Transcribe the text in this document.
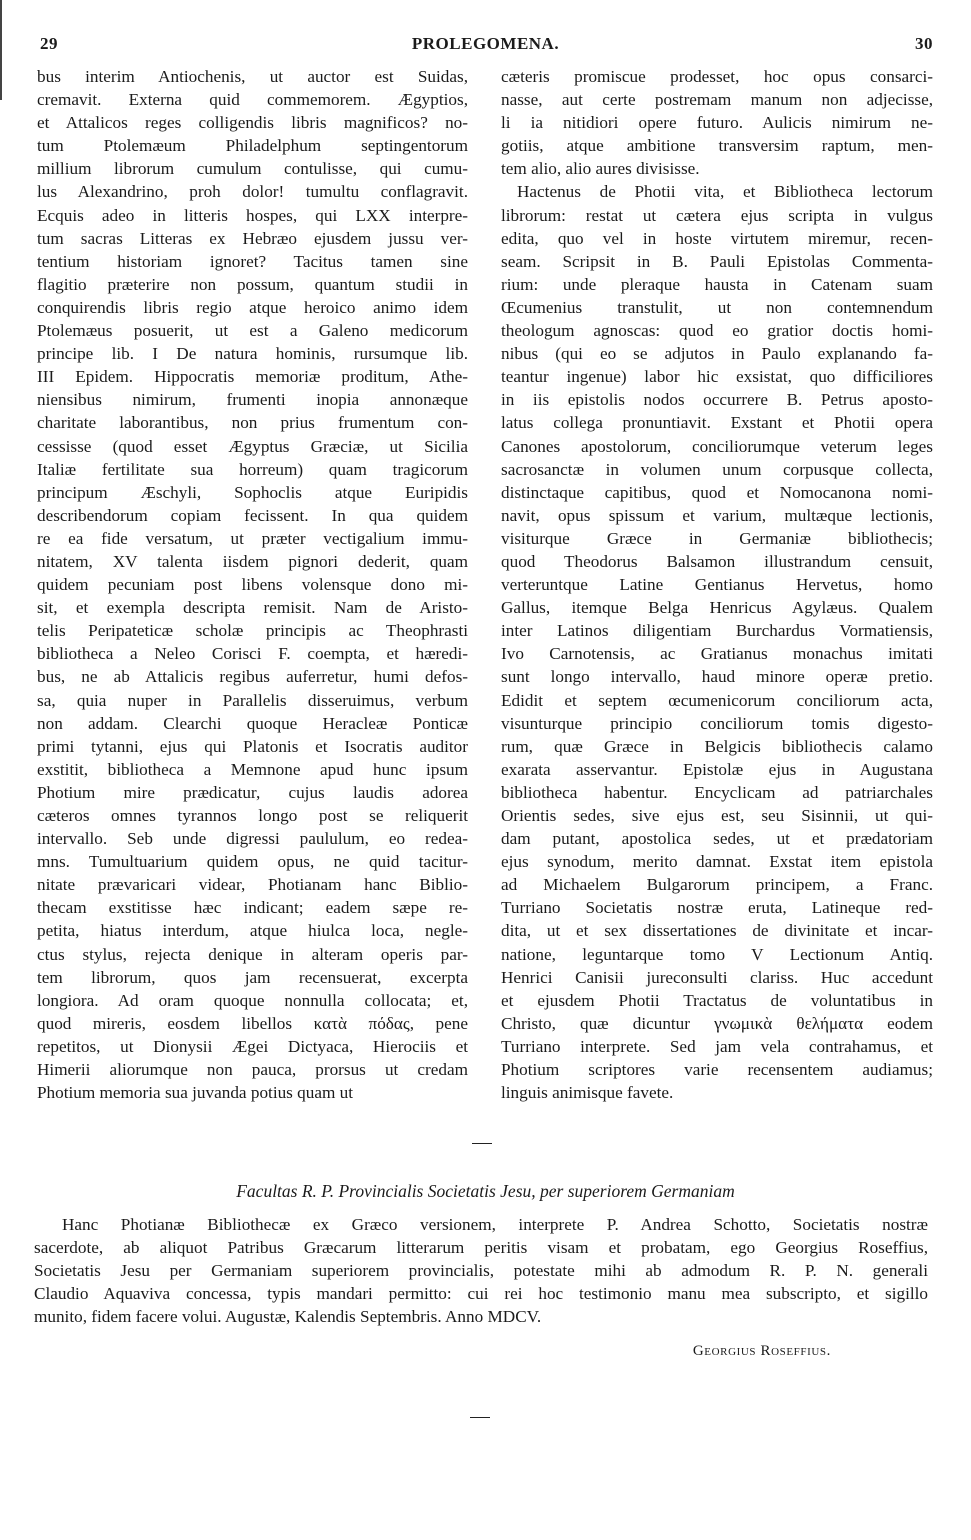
29	PROLEGOMENA.	30
bus interim Antiochenis, ut auctor est Suidas,
cremavit. Externa quid commemorem. Ægyptios,
et Attalicos reges colligendis libris magnificos? no-
tum Ptolemæum Philadelphum septingentorum
millium librorum cumulum contulisse, qui cumu-
lus Alexandrino, proh dolor! tumultu conflagravit.
Ecquis adeo in litteris hospes, qui LXX interpre-
tum sacras Litteras ex Hebræo ejusdem jussu ver-
tentium historiam ignoret? Tacitus tamen sine
flagitio præterire non possum, quantum studii in
conquirendis libris regio atque heroico animo idem
Ptolemæus posuerit, ut est a Galeno medicorum
principe lib. I De natura hominis, rursumque lib.
III Epidem. Hippocratis memoriæ proditum, Athe-
niensibus nimirum, frumenti inopia annonæque
charitate laborantibus, non prius frumentum con-
cessisse (quod esset Ægyptus Græciæ, ut Sicilia
Italiæ fertilitate sua horreum) quam tragicorum
principum Æschyli, Sophoclis atque Euripidis
describendorum copiam fecissent. In qua quidem
re ea fide versatum, ut præter vectigalium immu-
nitatem, XV talenta iisdem pignori dederit, quam
quidem pecuniam post libens volensque dono mi-
sit, et exempla descripta remisit. Nam de Aristo-
telis Peripateticæ scholæ principis ac Theophrasti
bibliotheca a Neleo Corisci F. coempta, et hæredi-
bus, ne ab Attalicis regibus auferretur, humi defos-
sa, quia nuper in Parallelis disseruimus, verbum
non addam. Clearchi quoque Heracleæ Ponticæ
primi tytanni, ejus qui Platonis et Isocratis auditor
exstitit, bibliotheca a Memnone apud hunc ipsum
Photium mire prædicatur, cujus laudis adorea
cæteros omnes tyrannos longo post se reliquerit
intervallo. Seb unde digressi paululum, eo redea-
mns. Tumultuarium quidem opus, ne quid tacitur-
nitate prævaricari videar, Photianam hanc Biblio-
thecam exstitisse hæc indicant; eadem sæpe re-
petita, hiatus interdum, atque hiulca loca, negle-
ctus stylus, rejecta denique in alteram operis par-
tem librorum, quos jam recensuerat, excerpta
longiora. Ad oram quoque nonnulla collocata; et,
quod mireris, eosdem libellos κατὰ πόδας, pene
repetitos, ut Dionysii Ægei Dictyaca, Hierociis et
Himerii aliorumque non pauca, prorsus ut credam
Photium memoria sua juvanda potius quam ut
cæteris promiscue prodesset, hoc opus consarci-
nasse, aut certe postremam manum non adjecisse,
li ia nitidiori opere futuro. Aulicis nimirum ne-
gotiis, atque ambitione transversim raptum, men-
tem alio, alio aures divisisse.
Hactenus de Photii vita, et Bibliotheca lectorum
librorum: restat ut cætera ejus scripta in vulgus
edita, quo vel in hoste virtutem miremur, recen-
seam. Scripsit in B. Pauli Epistolas Commenta-
rium: unde pleraque hausta in Catenam suam
Œcumenius transtulit, ut non contemnendum
theologum agnoscas: quod eo gratior doctis homi-
nibus (qui eo se adjutos in Paulo explanando fa-
teantur ingenue) labor hic exsistat, quo difficiliores
in iis epistolis nodos occurrere B. Petrus aposto-
latus collega pronuntiavit. Exstant et Photii opera
Canones apostolorum, conciliorumque veterum leges
sacrosanctæ in volumen unum corpusque collecta,
distinctaque capitibus, quod et Nomocanona nomi-
navit, opus spissum et varium, multæque lectionis,
visiturque Græce in Germaniæ bibliothecis;
quod Theodorus Balsamon illustrandum censuit,
verteruntque Latine Gentianus Hervetus, homo
Gallus, itemque Belga Henricus Agylæus. Qualem
inter Latinos diligentiam Burchardus Vormatiensis,
Ivo Carnotensis, ac Gratianus monachus imitati
sunt longo intervallo, haud minore operæ pretio.
Edidit et septem œcumenicorum conciliorum acta,
visunturque principio conciliorum tomis digesto-
rum, quæ Græce in Belgicis bibliothecis calamo
exarata asservantur. Epistolæ ejus in Augustana
bibliotheca habentur. Encyclicam ad patriarchales
Orientis sedes, sive ejus est, seu Sisinnii, ut qui-
dam putant, apostolica sedes, ut et prædatoriam
ejus synodum, merito damnat. Exstat item epistola
ad Michaelem Bulgarorum principem, a Franc.
Turriano Societatis nostræ eruta, Latineque red-
dita, ut et sex dissertationes de divinitate et incar-
natione, leguntarque tomo V Lectionum Antiq.
Henrici Canisii jureconsulti clariss. Huc accedunt
et ejusdem Photii Tractatus de voluntatibus in
Christo, quæ dicuntur γνωμικὰ θελήματα eodem
Turriano interprete. Sed jam vela contrahamus, et
Photium scriptores varie recensentem audiamus;
linguis animisque favete.
Facultas R. P. Provincialis Societatis Jesu, per superiorem Germaniam
Hanc Photianæ Bibliothecæ ex Græco versionem, interprete P. Andrea Schotto, Societatis nostræ
sacerdote, ab aliquot Patribus Græcarum litterarum peritis visam et probatam, ego Georgius Roseffius,
Societatis Jesu per Germaniam superiorem provincialis, potestate mihi ab admodum R. P. N. generali
Claudio Aquaviva concessa, typis mandari permitto: cui rei hoc testimonio manu mea subscripto, et sigillo
munito, fidem facere volui. Augustæ, Kalendis Septembris. Anno MDCV.
Georgius Roseffius.
